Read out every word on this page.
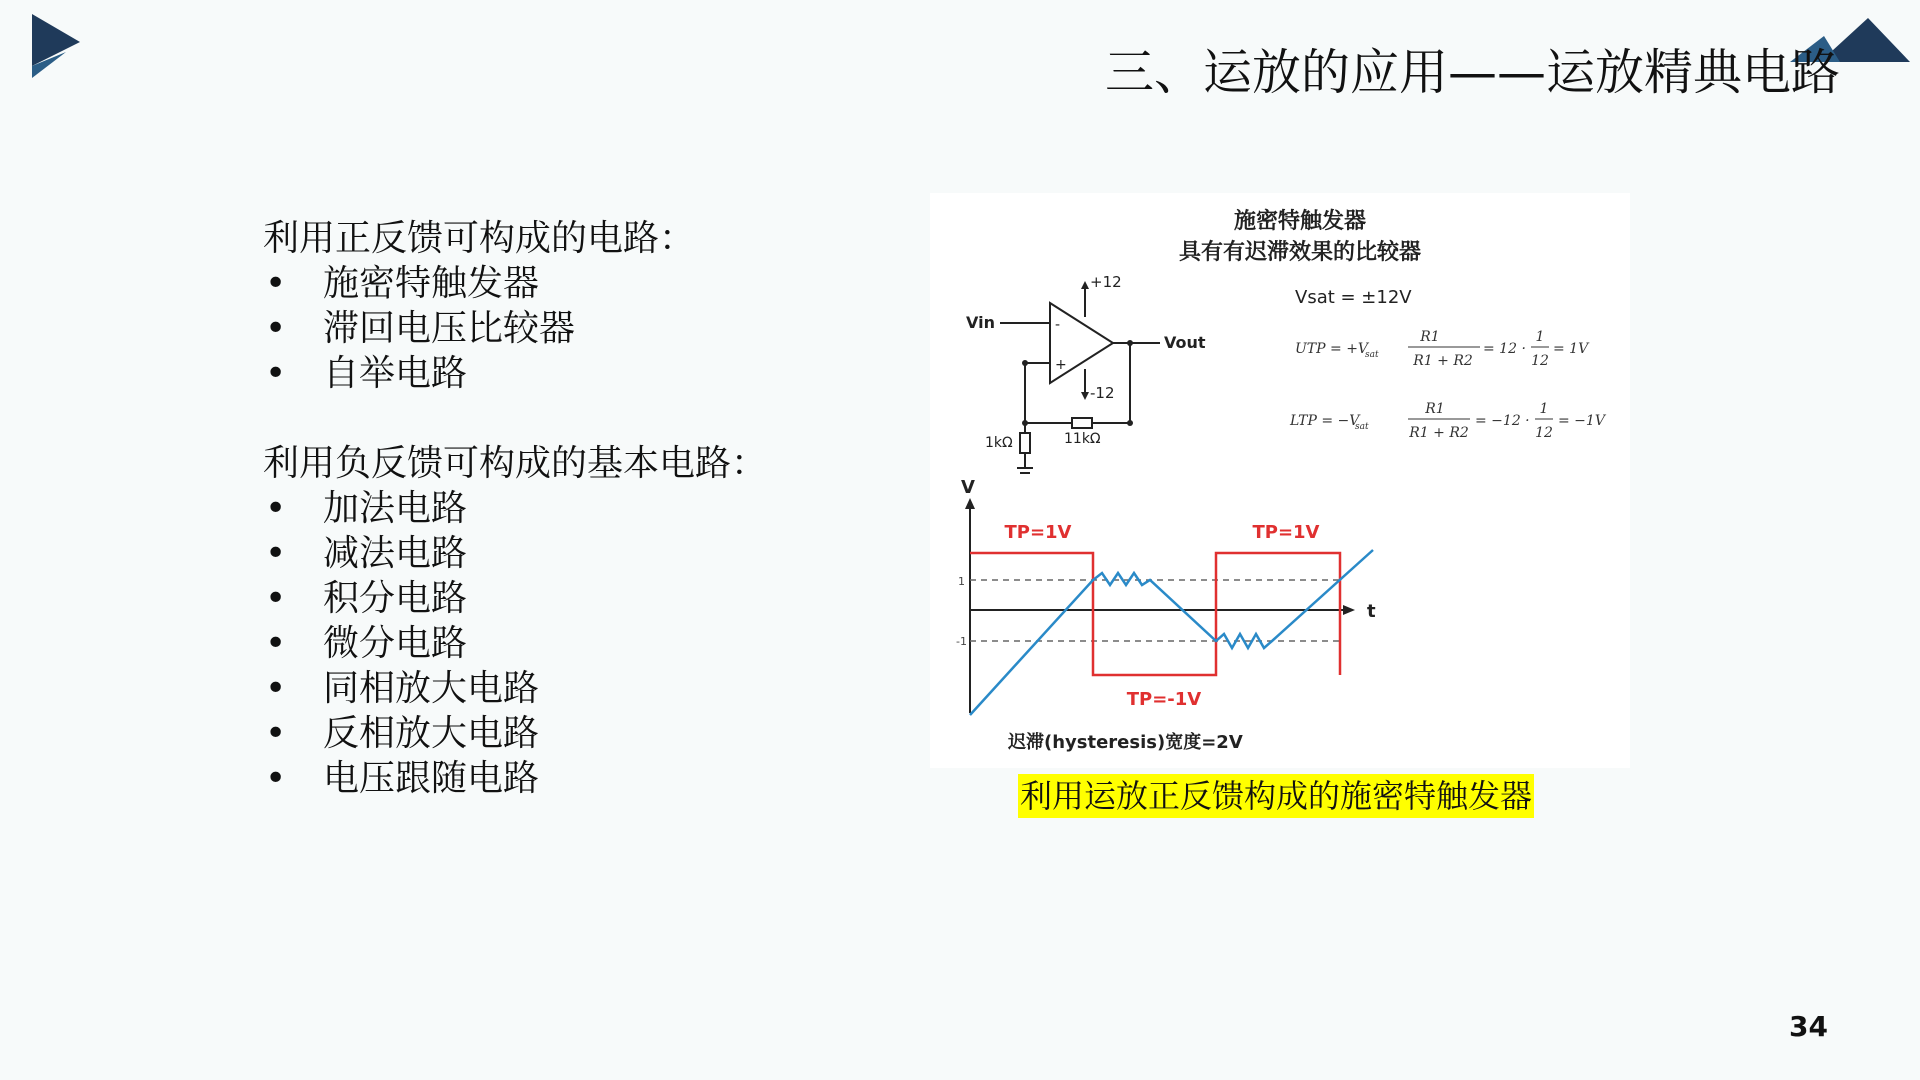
三、运放的应用——运放精典电路
利用正反馈可构成的电路：
• 施密特触发器
• 滞回电压比较器
• 自举电路
利用负反馈可构成的基本电路：
• 加法电路
• 减法电路
• 积分电路
• 微分电路
• 同相放大电路
• 反相放大电路
• 电压跟随电路
施密特触发器
具有有迟滞效果的比较器
Vin
Vout
+12
-12
-
+
1kΩ	11kΩ
Vsat = ±12V
UTP = +V
sat
R1
R1 + R2
= 12 ·
1
12
= 1V
LTP = −V
sat
R1
R1 + R2
= −12 ·
1
12
= −1V
V
t
1
-1
TP=1V	TP=1V
TP=-1V
迟滞(hysteresis)宽度=2V
利用运放正反馈构成的施密特触发器
34
